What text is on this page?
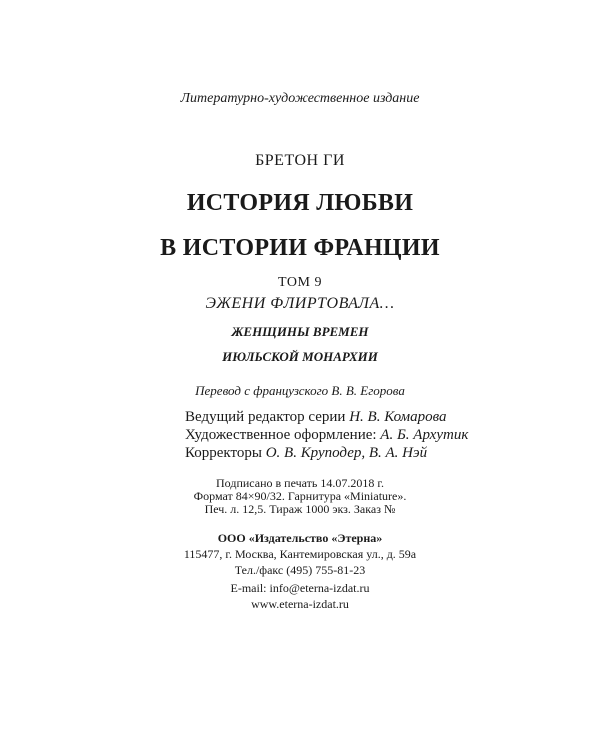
Литературно-художественное издание
БРЕТОН ГИ
ИСТОРИЯ ЛЮБВИ
В ИСТОРИИ ФРАНЦИИ
ТОМ 9
ЭЖЕНИ ФЛИРТОВАЛА…
ЖЕНЩИНЫ ВРЕМЕН
ИЮЛЬСКОЙ МОНАРХИИ
Перевод с французского В. В. Егорова
Ведущий редактор серии Н. В. Комарова
Художественное оформление: А. Б. Архутик
Корректоры О. В. Круподер, В. А. Нэй
Подписано в печать 14.07.2018 г.
Формат 84×90/32. Гарнитура «Miniature».
Печ. л. 12,5. Тираж 1000 экз. Заказ №
ООО «Издательство «Этерна»
115477, г. Москва, Кантемировская ул., д. 59а
Тел./факс (495) 755-81-23
E-mail: info@eterna-izdat.ru
www.eterna-izdat.ru
